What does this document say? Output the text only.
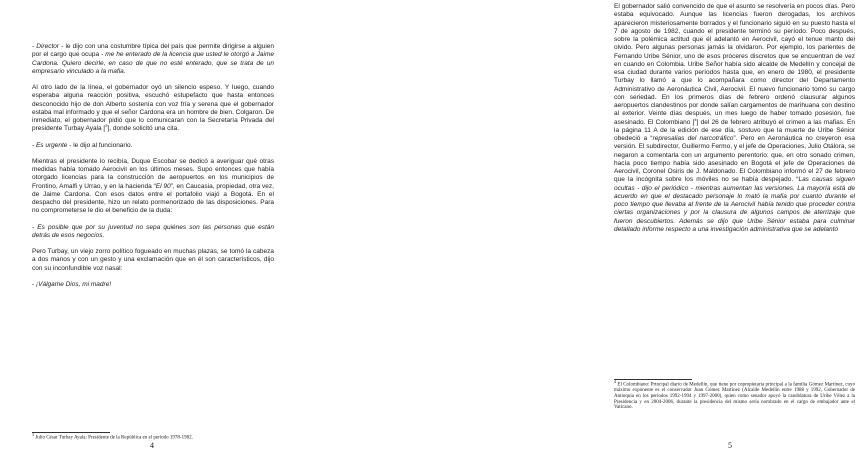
- Director - le dijo con una costumbre típica del país que permite dirigirse a alguien por el cargo que ocupa - me he enterado de la licencia que usted le otorgó a Jaime Cardona. Quiero decirle, en caso de que no esté enterado, que se trata de un empresario vinculado a la mafia.

Al otro lado de la línea, el gobernador oyó un silencio espeso. Y luego, cuando esperaba alguna reacción positiva, escuchó estupefacto que hasta entonces desconocido hijo de don Alberto sostenía con voz fría y serena que el gobernador estaba mal informado y que el señor Cardona era un hombre de bien. Colgaron. De inmediato, el gobernador pidió que lo comunicaran con la Secretaría Privada del presidente Turbay Ayala [$^3$], donde solicitó una cita.

- Es urgente - le dijo al funcionario.

Mientras el presidente lo recibía, Duque Escobar se dedicó a averiguar qué otras medidas había tomado Aerocivil en los últimos meses. Supo entonces que había otorgado licencias para la construcción de aeropuertos en los municipios de Frontino, Amalfi y Urrao, y en la hacienda “El 90”, en Caucasia, propiedad, otra vez, de Jaime Cardona. Con esos datos entre el portafolio viajó a Bogotá. En el despacho del presidente, hizo un relato pormenorizado de las disposiciones. Para no comprometerse le dio el beneficio de la duda:

- Es posible que por su juventud no sepa quiénes son las personas que están detrás de esos negocios.

Pero Turbay, un viejo zorro político fogueado en muchas plazas, se tomó la cabeza a dos manos y con un gesto y una exclamación que en él son característicos, dijo con su inconfundible voz nasal:

- ¡Válgame Dios, mi madre!

$^3$ Julio César Turbay Ayala: Presidente de la República en el período 1978-1982.
4

El gobernador salió convencido de que el asunto se resolvería en pocos días. Pero estaba equivocado. Aunque las licencias fueron derogadas, los archivos aparecieron misteriosamente borrados y el funcionario siguió en su puesto hasta el 7 de agosto de 1982, cuando el presidente terminó su período. Poco después, sobre la polémica actitud que él adelantó en Aerocivil, cayó el tenue manto del olvido. Pero algunas personas jamás la olvidaron. Por ejemplo, los parientes de Fernando Uribe Sénior, uno de esos próceres discretos que se encuentran de vez en cuando en Colombia. Uribe Señor había sido alcalde de Medellín y concejal de esa ciudad durante varios períodos hasta que, en enero de 1980, el presidente Turbay lo llamó a que lo acompañara como director del Departamento Administrativo de Aeronáutica Civil, Aerocivil. El nuevo funcionario tomó su cargo con seriedad. En los primeros días de febrero ordenó clausurar algunos aeropuertos clandestinos por donde salían cargamentos de marihuana con destino al exterior. Veinte días después, un mes luego de haber tomado posesión, fue asesinado. El Colombiano [$^4$] del 26 de febrero atribuyó el crimen a las mafias. En la página 11 A de la edición de ese día, sostuvo que la muerte de Uribe Sénior obedeció a “represalias del narcotráfico”. Pero en Aeronáutica no creyeron esa versión. El subdirector, Guillermo Fermo, y el jefe de Operaciones, Julio Otálora, se negaron a comentarla con un argumento perentorio: que, en otro sonado crimen, hacía poco tiempo había sido asesinado en Bogotá el jefe de Operaciones de Aerocivil, Coronel Osiris de J. Maldonado. El Colombiano informó el 27 de febrero que la incógnita sobre los móviles no se había despejado. “Las causas siguen ocultas - dijo el periódico - mientras aumentan las versiones. La mayoría está de acuerdo en que el destacado personaje lo mató la mafia por cuanto durante el poco tiempo que llevaba al frente de la Aerocivil había tenido que proceder contra ciertas organizaciones y por la clausura de algunos campos de aterrizaje que fueron descubiertos. Además se dijo que Uribe Sénior estaba para culminar detallado informe respecto a una investigación administrativa que se adelantó

$^4$ El Colombiano: Principal diario de Medellín, que tiene por copropietaria principal a la familia Gómez Martínez, cuyo máximo exponente es el conservador Juan Gómez Martínez (Alcalde Medellín entre 1988 y 1992, Gobernador de Antioquia en los períodos 1992-1994 y 1997-2000), quien como senador apoyó la candidatura de Uribe Vélez a la Presidencia y en 2004-2006, durante la presidencia del mismo sería nombrado en el cargo de embajador ante el Vaticano.
5
